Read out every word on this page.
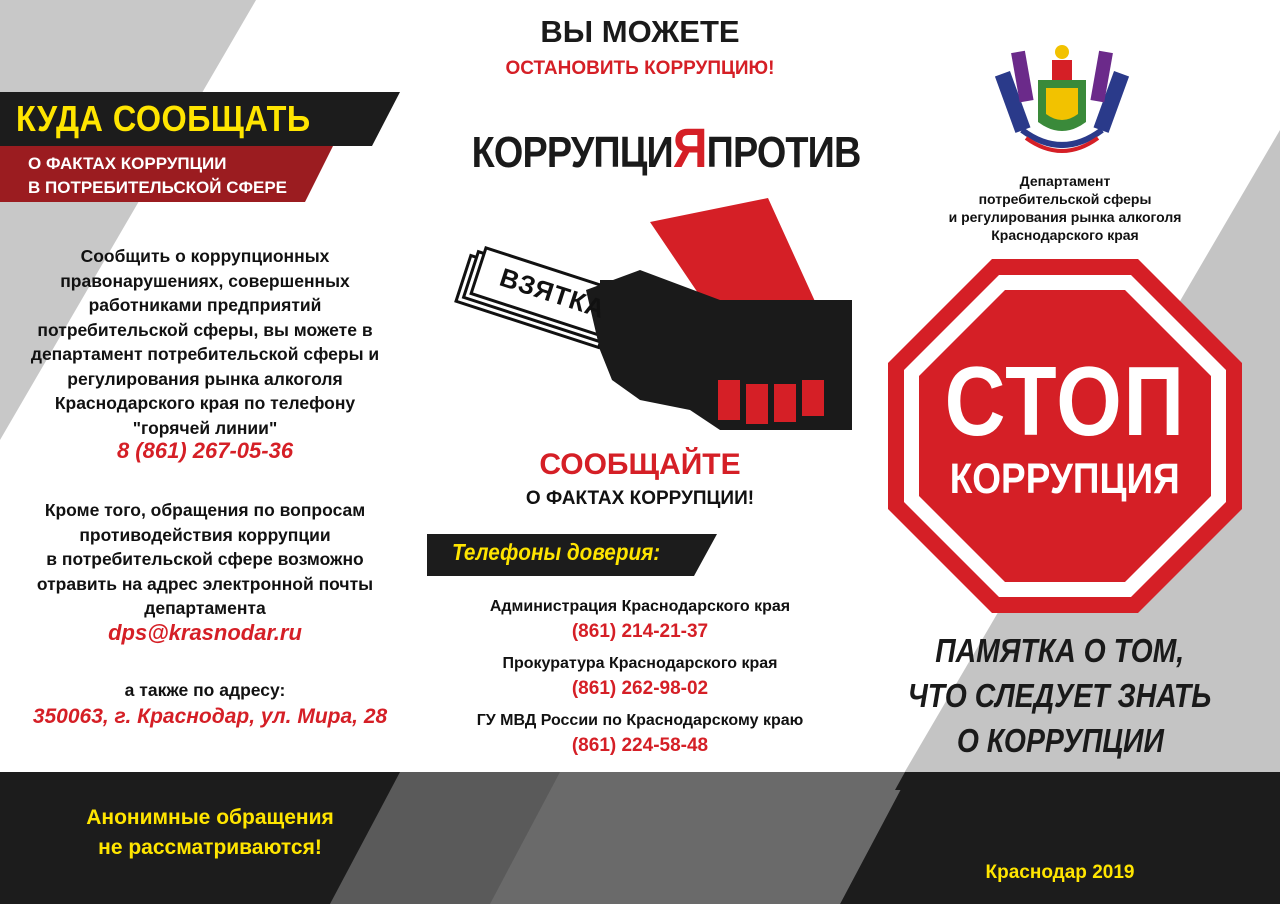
ВЗЯТКА
КУДА СООБЩАТЬ
О ФАКТАХ КОРРУПЦИИ
В ПОТРЕБИТЕЛЬСКОЙ СФЕРЕ
Сообщить о коррупционных
правонарушениях, совершенных
работниками предприятий
потребительской сферы, вы можете в
департамент потребительской сферы и
регулирования рынка алкоголя
Краснодарского края по телефону
"горячей линии"
8 (861) 267-05-36
Кроме того, обращения по вопросам
противодействия коррупции
в потребительской сфере возможно
отравить на адрес электронной почты
департамента
dps@krasnodar.ru
а также по адресу:
350063, г. Краснодар, ул. Мира, 28
ВЫ МОЖЕТЕ
ОСТАНОВИТЬ КОРРУПЦИЮ!
КОРРУПЦИЯПРОТИВ
СООБЩАЙТЕ
О ФАКТАХ КОРРУПЦИИ!
Телефоны доверия:
Администрация Краснодарского края
(861) 214-21-37
Прокуратура Краснодарского края
(861) 262-98-02
ГУ МВД России по Краснодарскому краю
(861) 224-58-48
Департамент
потребительской сферы
и регулирования рынка алкоголя
Краснодарского края
СТОП
КОРРУПЦИЯ
ПАМЯТКА О ТОМ,
ЧТО СЛЕДУЕТ ЗНАТЬ
О КОРРУПЦИИ
Анонимные обращения
не рассматриваются!
Краснодар 2019
